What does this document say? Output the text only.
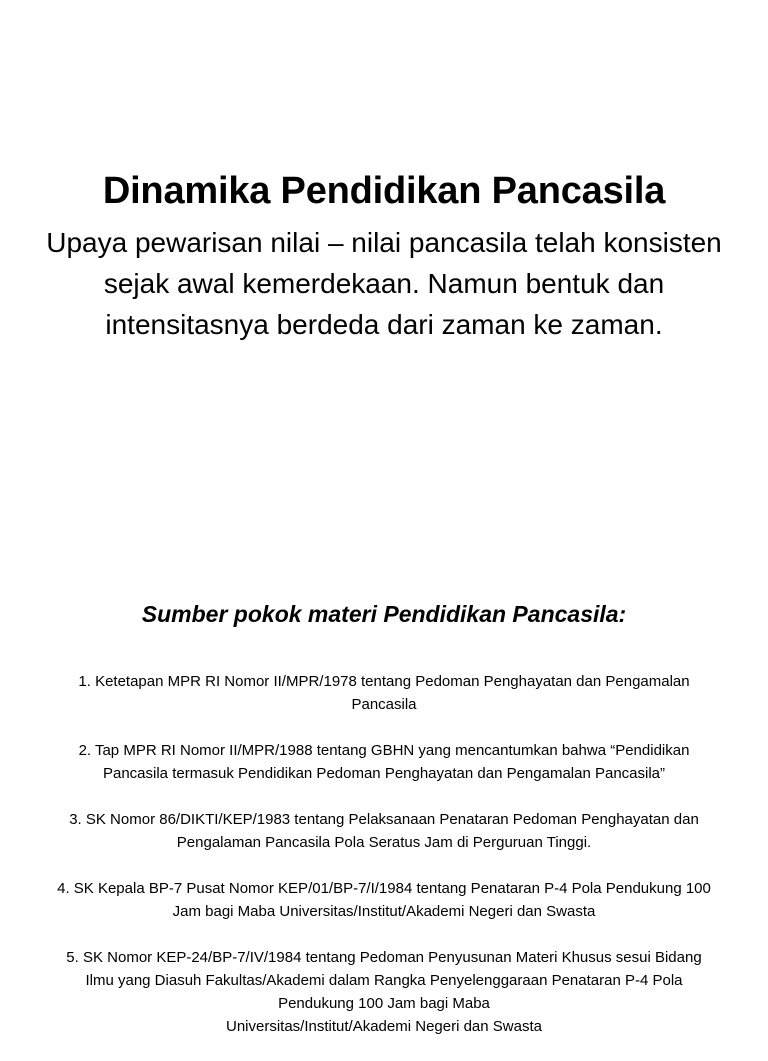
Dinamika Pendidikan Pancasila
Upaya pewarisan nilai – nilai pancasila telah konsisten
sejak awal kemerdekaan. Namun bentuk dan
intensitasnya berdeda dari zaman ke zaman.
Sumber pokok materi Pendidikan Pancasila:
1. Ketetapan MPR RI Nomor II/MPR/1978 tentang Pedoman Penghayatan dan Pengamalan
Pancasila
2. Tap MPR RI Nomor II/MPR/1988 tentang GBHN yang mencantumkan bahwa “Pendidikan
Pancasila termasuk Pendidikan Pedoman Penghayatan dan Pengamalan Pancasila”
3. SK Nomor 86/DIKTI/KEP/1983 tentang Pelaksanaan Penataran Pedoman Penghayatan dan
Pengalaman Pancasila Pola Seratus Jam di Perguruan Tinggi.
4. SK Kepala BP-7 Pusat Nomor KEP/01/BP-7/I/1984 tentang Penataran P-4 Pola Pendukung 100
Jam bagi Maba Universitas/Institut/Akademi Negeri dan Swasta
5. SK Nomor KEP-24/BP-7/IV/1984 tentang Pedoman Penyusunan Materi Khusus sesui Bidang
Ilmu yang Diasuh Fakultas/Akademi dalam Rangka Penyelenggaraan Penataran P-4 Pola
Pendukung 100 Jam bagi Maba
Universitas/Institut/Akademi Negeri dan Swasta
